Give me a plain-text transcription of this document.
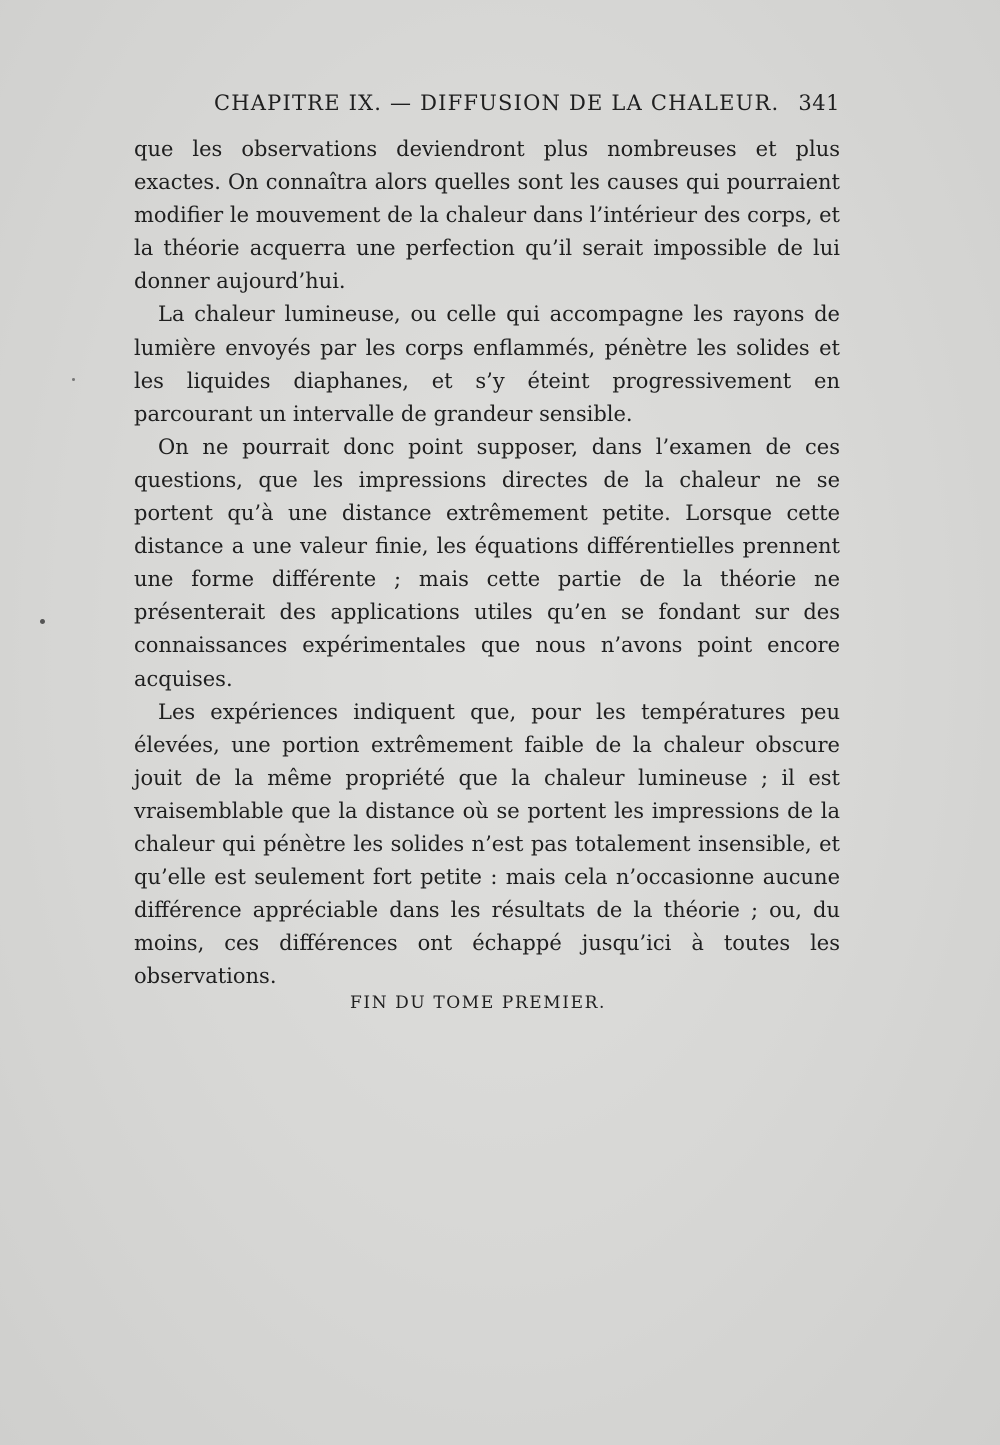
CHAPITRE IX. — DIFFUSION DE LA CHALEUR. 341

que les observations deviendront plus nombreuses et plus exactes. On connaîtra alors quelles sont les causes qui pourraient modifier le mouvement de la chaleur dans l’intérieur des corps, et la théorie acquerra une perfection qu’il serait impossible de lui donner aujourd’hui.

La chaleur lumineuse, ou celle qui accompagne les rayons de lumière envoyés par les corps enflammés, pénètre les solides et les liquides diaphanes, et s’y éteint progressivement en parcourant un intervalle de grandeur sensible.

On ne pourrait donc point supposer, dans l’examen de ces questions, que les impressions directes de la chaleur ne se portent qu’à une distance extrêmement petite. Lorsque cette distance a une valeur finie, les équations différentielles prennent une forme différente ; mais cette partie de la théorie ne présenterait des applications utiles qu’en se fondant sur des connaissances expérimentales que nous n’avons point encore acquises.

Les expériences indiquent que, pour les températures peu élevées, une portion extrêmement faible de la chaleur obscure jouit de la même propriété que la chaleur lumineuse ; il est vraisemblable que la distance où se portent les impressions de la chaleur qui pénètre les solides n’est pas totalement insensible, et qu’elle est seulement fort petite : mais cela n’occasionne aucune différence appréciable dans les résultats de la théorie ; ou, du moins, ces différences ont échappé jusqu’ici à toutes les observations.

FIN DU TOME PREMIER.
